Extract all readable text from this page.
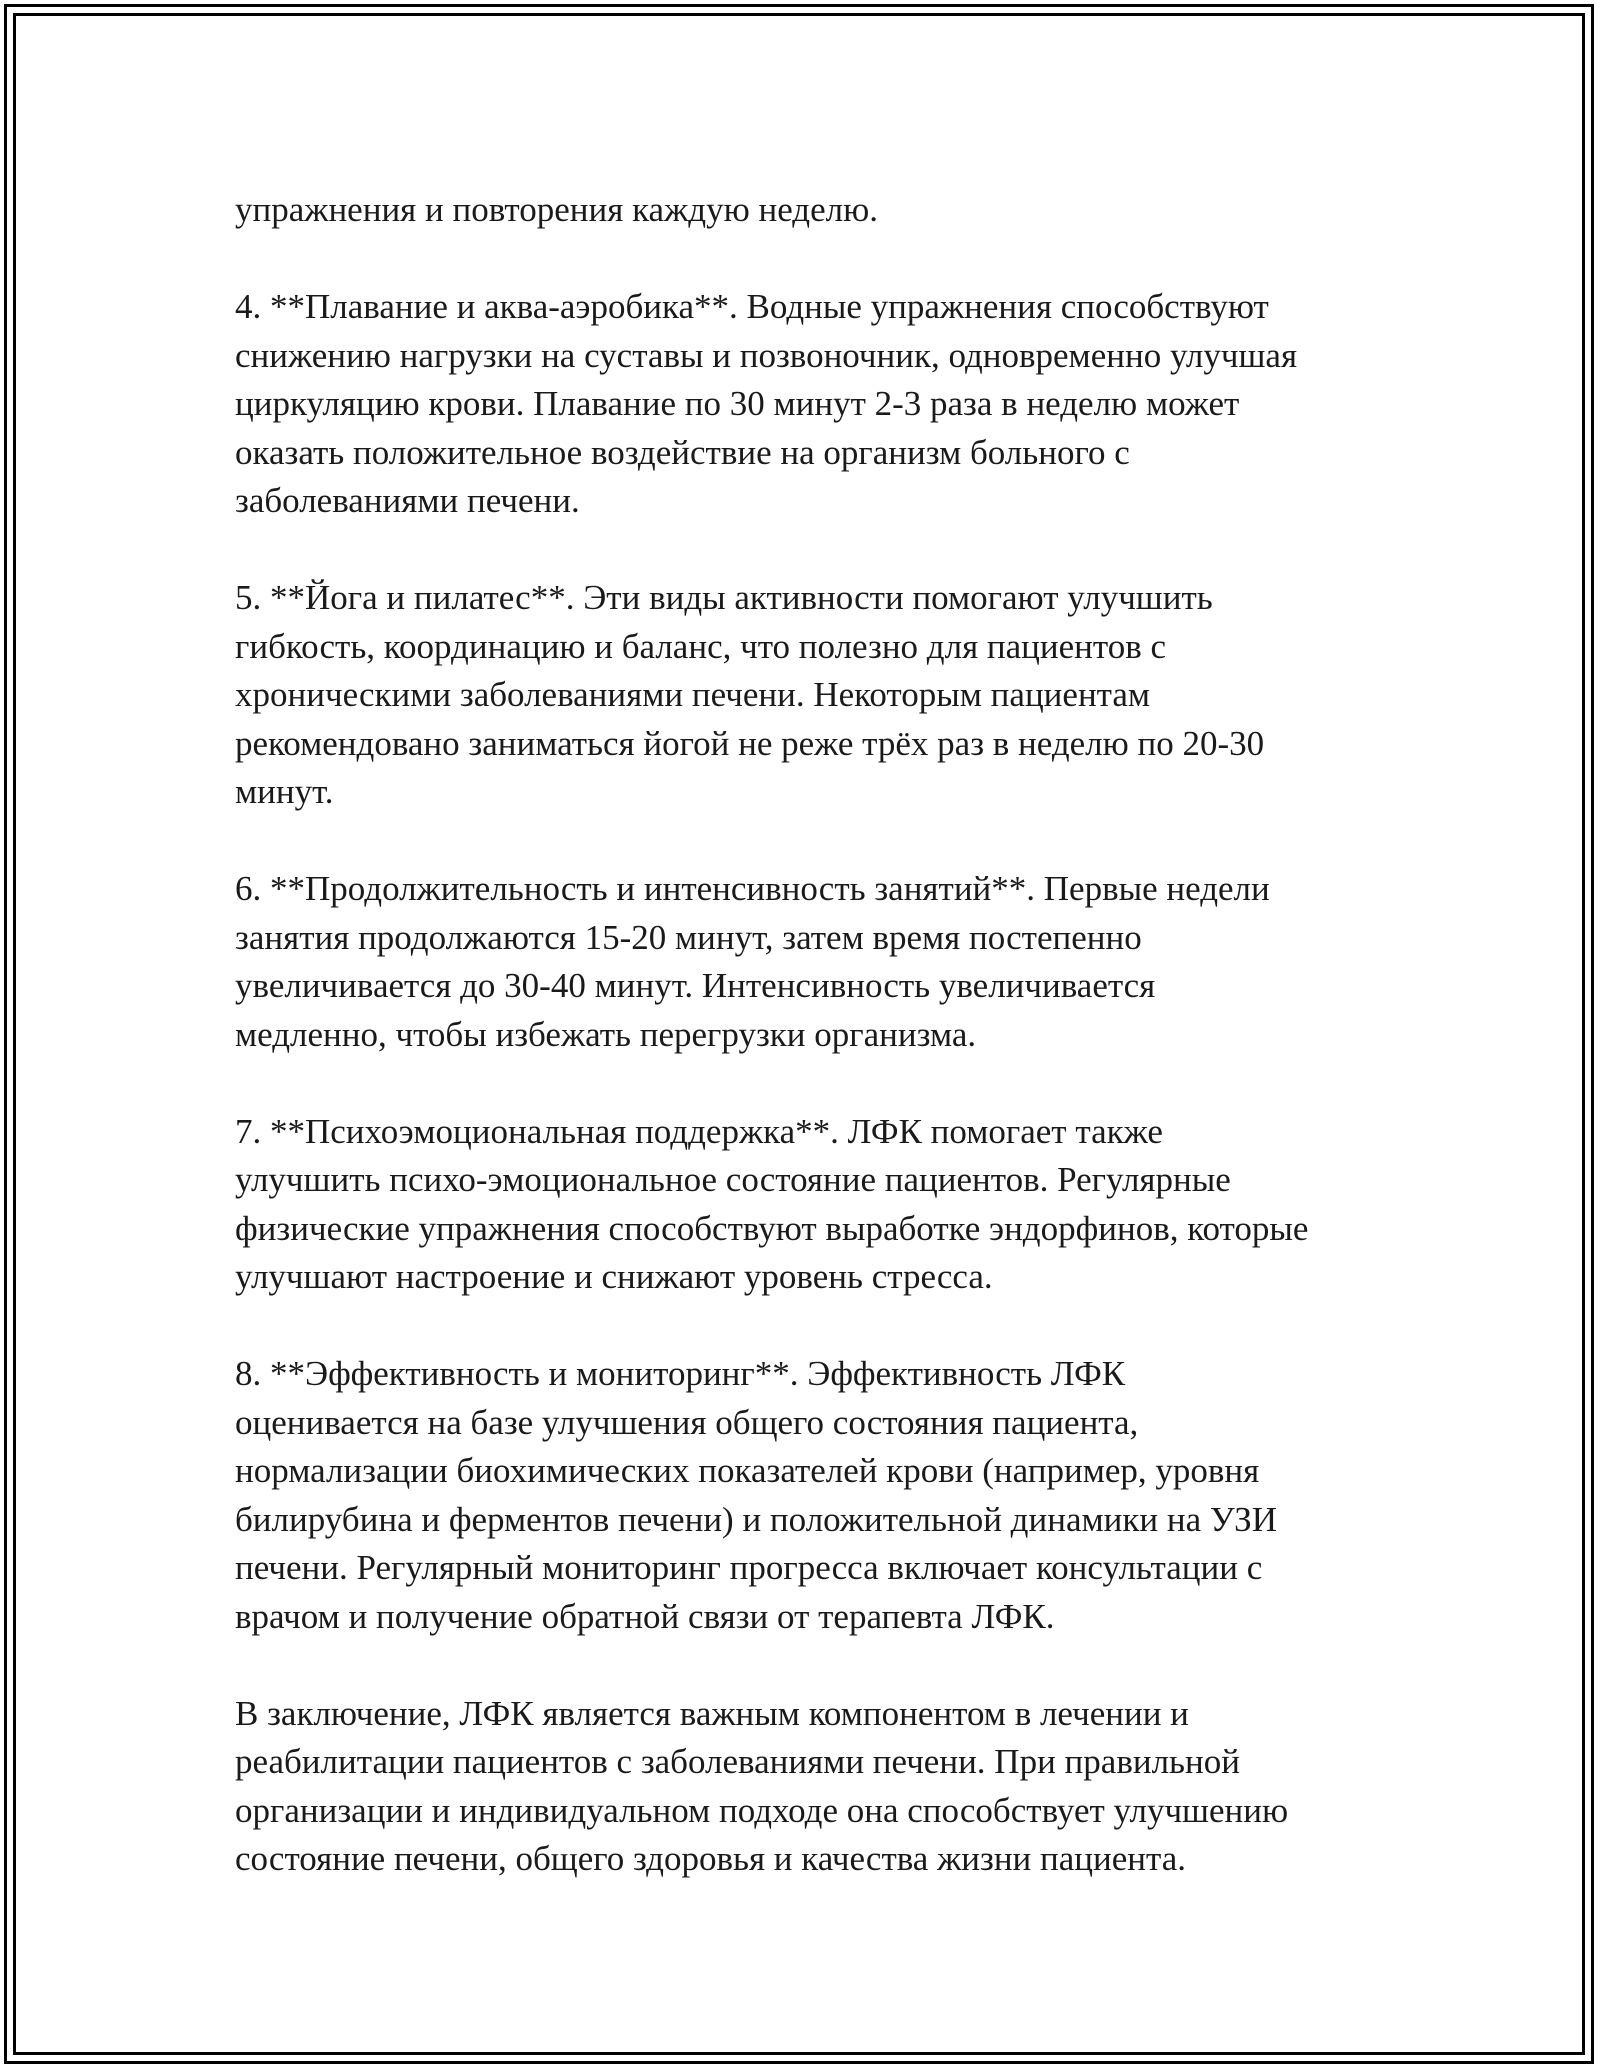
упражнения и повторения каждую неделю.

4. **Плавание и аква-аэробика**. Водные упражнения способствуют
снижению нагрузки на суставы и позвоночник, одновременно улучшая
циркуляцию крови. Плавание по 30 минут 2-3 раза в неделю может
оказать положительное воздействие на организм больного с
заболеваниями печени.

5. **Йога и пилатес**. Эти виды активности помогают улучшить
гибкость, координацию и баланс, что полезно для пациентов с
хроническими заболеваниями печени. Некоторым пациентам
рекомендовано заниматься йогой не реже трёх раз в неделю по 20-30
минут.

6. **Продолжительность и интенсивность занятий**. Первые недели
занятия продолжаются 15-20 минут, затем время постепенно
увеличивается до 30-40 минут. Интенсивность увеличивается
медленно, чтобы избежать перегрузки организма.

7. **Психоэмоциональная поддержка**. ЛФК помогает также
улучшить психо-эмоциональное состояние пациентов. Регулярные
физические упражнения способствуют выработке эндорфинов, которые
улучшают настроение и снижают уровень стресса.

8. **Эффективность и мониторинг**. Эффективность ЛФК
оценивается на базе улучшения общего состояния пациента,
нормализации биохимических показателей крови (например, уровня
билирубина и ферментов печени) и положительной динамики на УЗИ
печени. Регулярный мониторинг прогресса включает консультации с
врачом и получение обратной связи от терапевта ЛФК.

В заключение, ЛФК является важным компонентом в лечении и
реабилитации пациентов с заболеваниями печени. При правильной
организации и индивидуальном подходе она способствует улучшению
состояние печени, общего здоровья и качества жизни пациента.
